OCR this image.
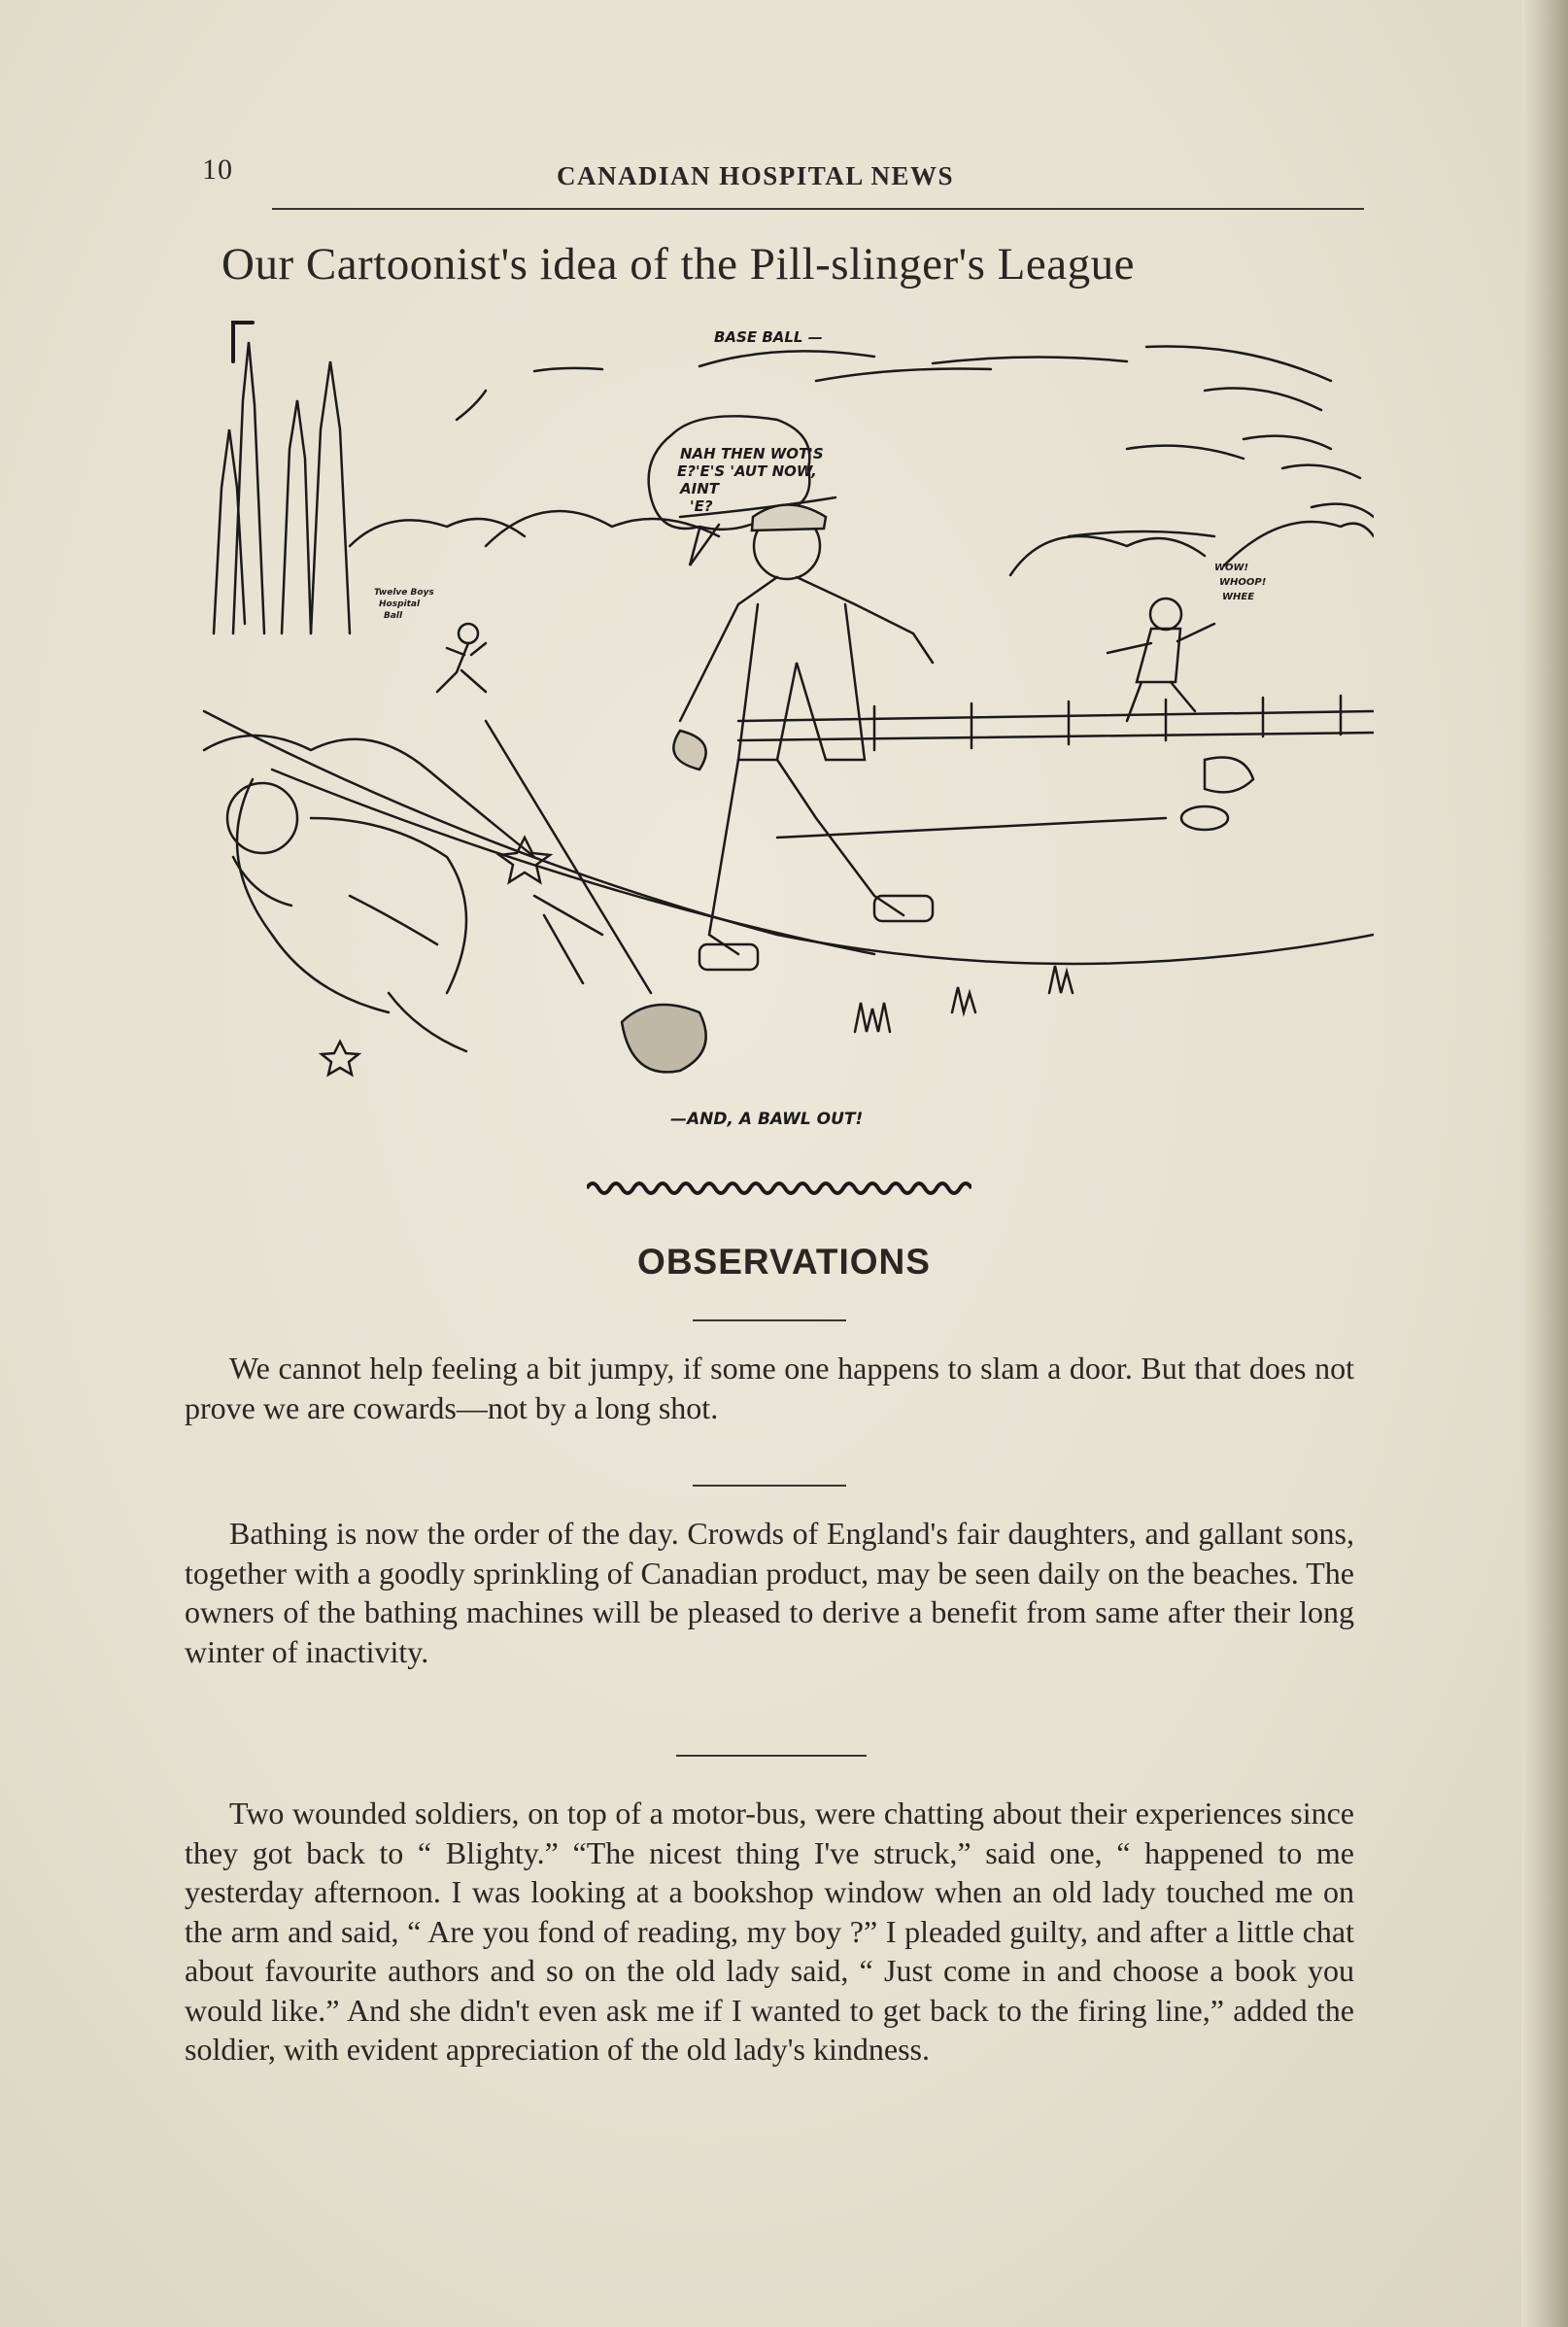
10	CANADIAN HOSPITAL NEWS
Our Cartoonist's idea of the Pill-slinger's League
BASE BALL —
NAH THEN WOT'S
E?'E'S 'AUT NOW,
AINT
'E?
—AND, A BAWL OUT!
WOW!
WHOOP!
WHEE
Twelve Boys
Hospital
Ball
OBSERVATIONS

We cannot help feeling a bit jumpy, if some one happens to slam a door. But that does not prove we are cowards—not by a long shot.

Bathing is now the order of the day. Crowds of England's fair daughters, and gallant sons, together with a goodly sprinkling of Canadian product, may be seen daily on the beaches. The owners of the bathing machines will be pleased to derive a benefit from same after their long winter of inactivity.

Two wounded soldiers, on top of a motor-bus, were chatting about their experiences since they got back to “ Blighty.” “The nicest thing I've struck,” said one, “ happened to me yesterday afternoon. I was looking at a bookshop window when an old lady touched me on the arm and said, “ Are you fond of reading, my boy ?” I pleaded guilty, and after a little chat about favourite authors and so on the old lady said, “ Just come in and choose a book you would like.” And she didn't even ask me if I wanted to get back to the firing line,” added the soldier, with evident appreciation of the old lady's kindness.
